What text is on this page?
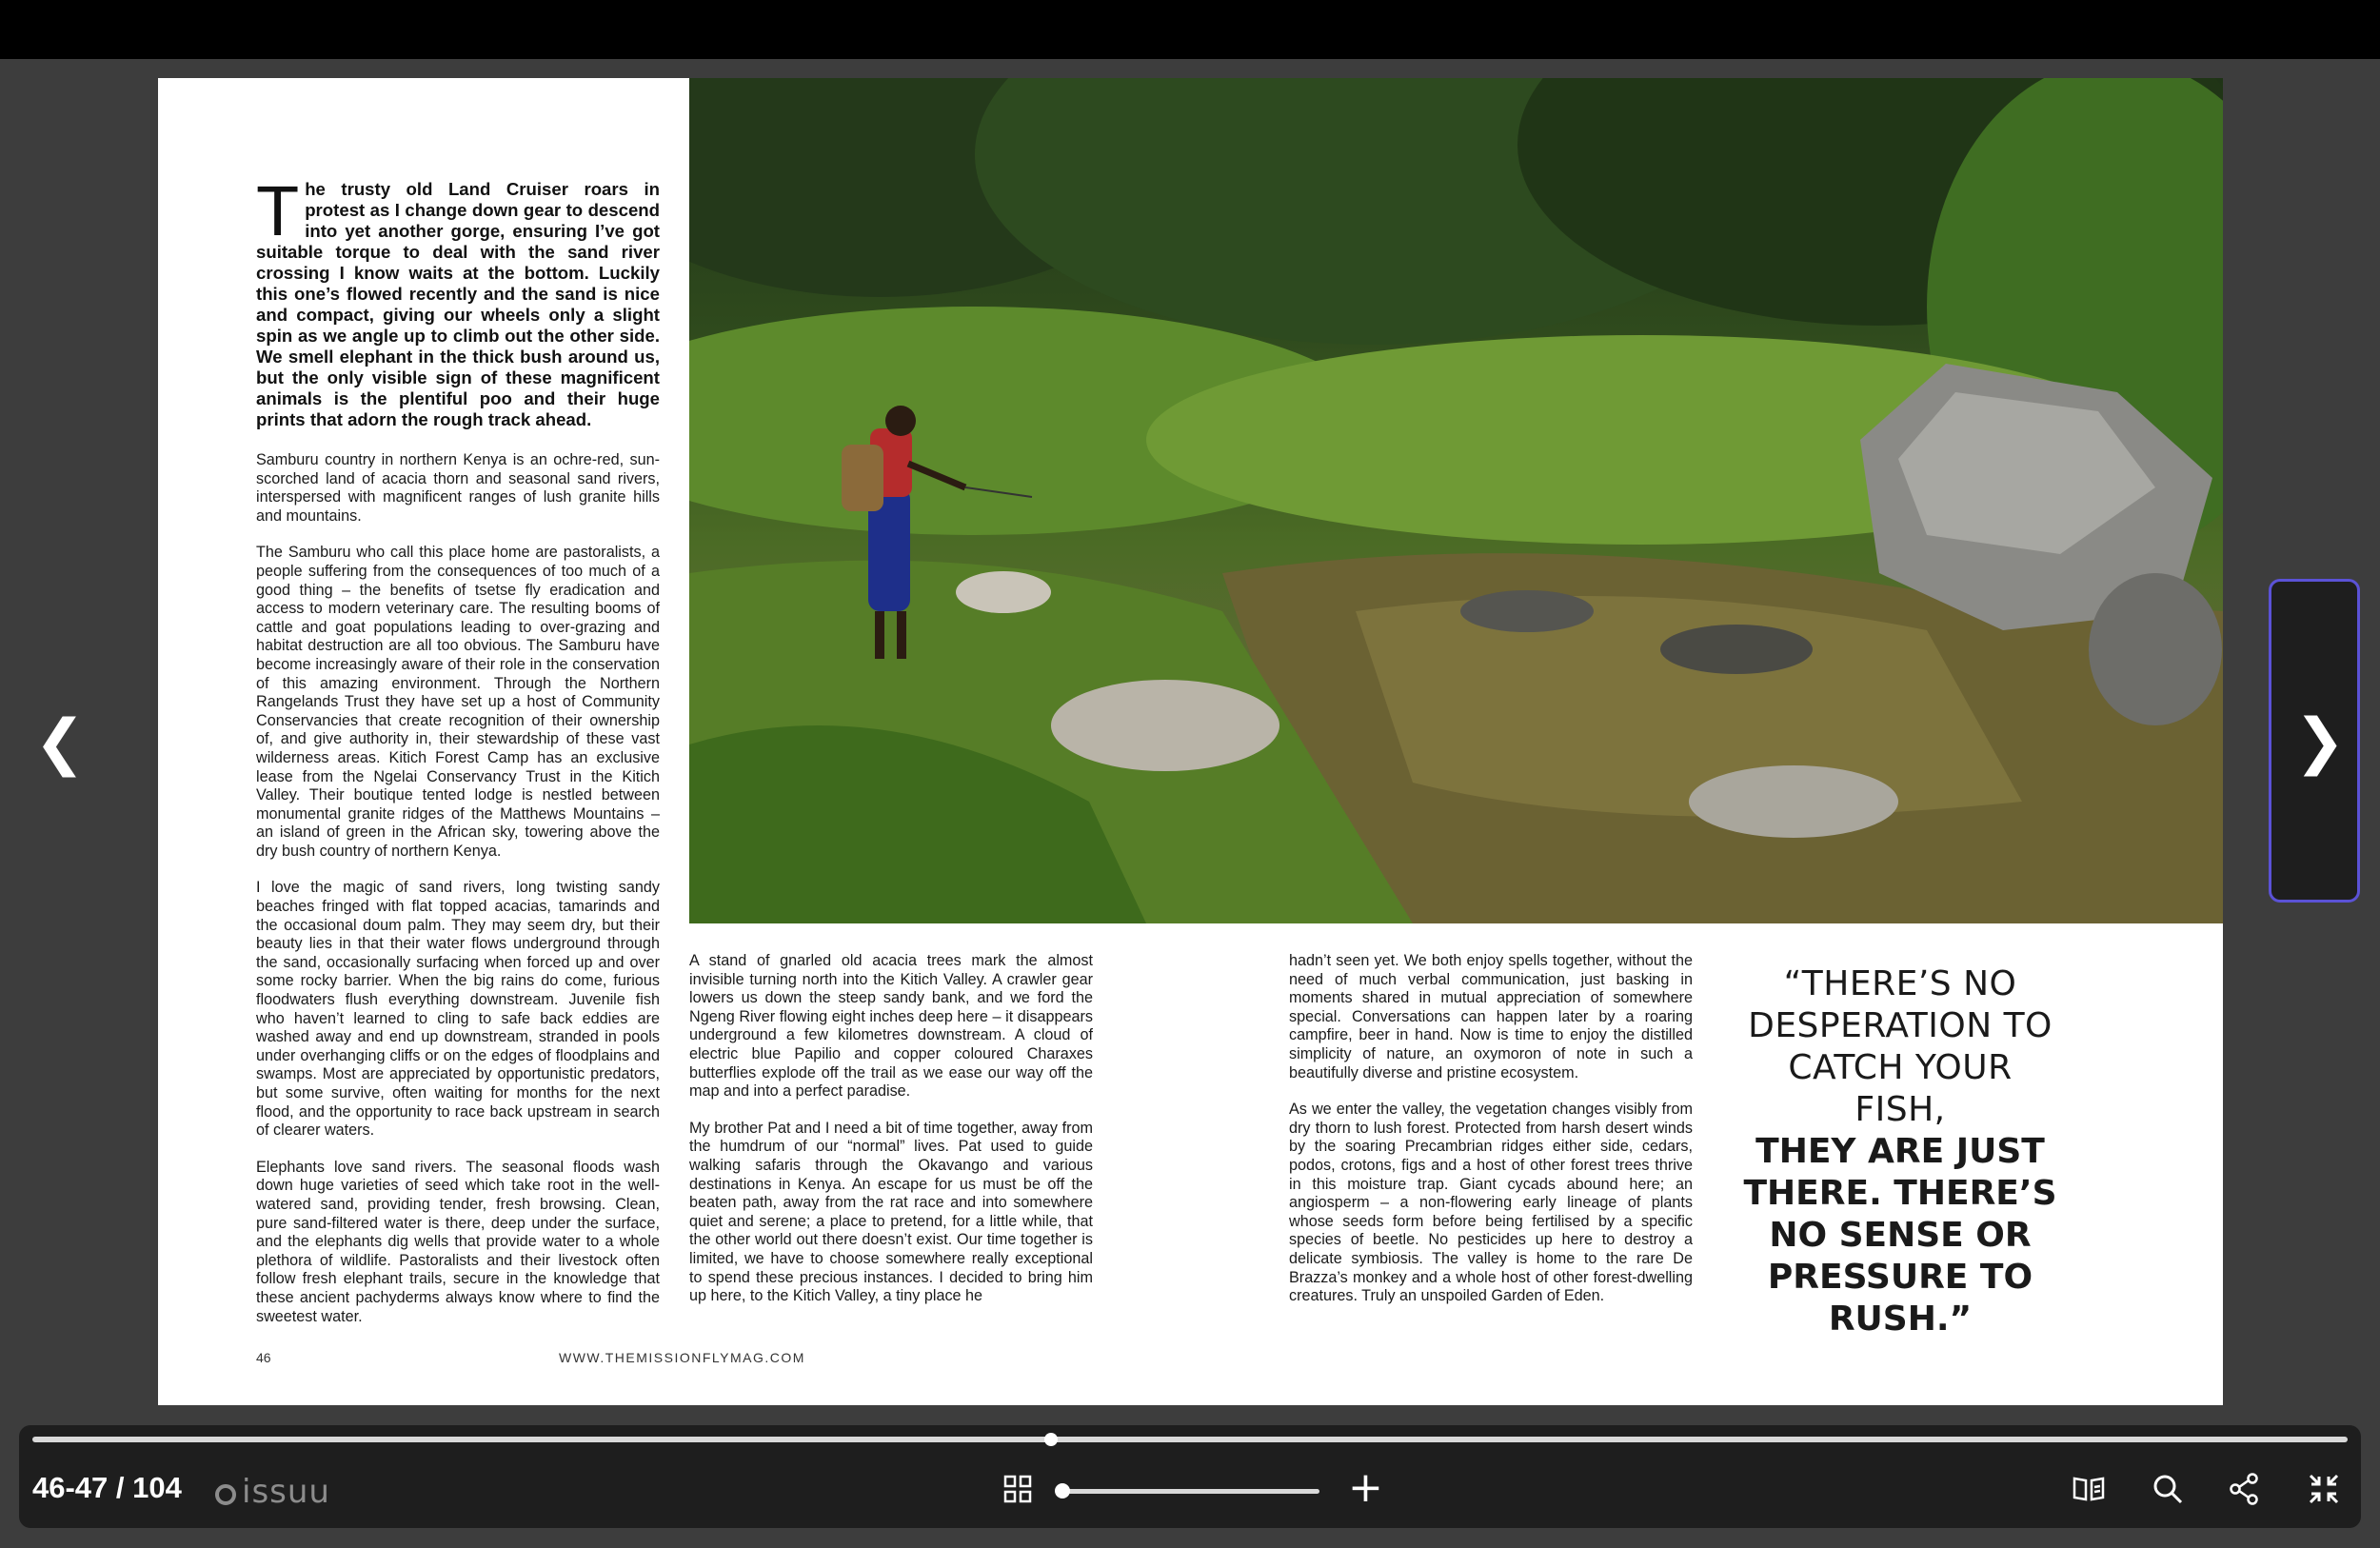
The trusty old Land Cruiser roars in protest as I change down gear to descend into yet another gorge, ensuring I’ve got suitable torque to deal with the sand river crossing I know waits at the bottom. Luckily this one’s flowed recently and the sand is nice and compact, giving our wheels only a slight spin as we angle up to climb out the other side. We smell elephant in the thick bush around us, but the only visible sign of these magnificent animals is the plentiful poo and their huge prints that adorn the rough track ahead.

Samburu country in northern Kenya is an ochre-red, sun-scorched land of acacia thorn and seasonal sand rivers, interspersed with magnificent ranges of lush granite hills and mountains.

The Samburu who call this place home are pastoralists, a people suffering from the consequences of too much of a good thing – the benefits of tsetse fly eradication and access to modern veterinary care. The resulting booms of cattle and goat populations leading to over-grazing and habitat destruction are all too obvious. The Samburu have become increasingly aware of their role in the conservation of this amazing environment. Through the Northern Rangelands Trust they have set up a host of Community Conservancies that create recognition of their ownership of, and give authority in, their stewardship of these vast wilderness areas. Kitich Forest Camp has an exclusive lease from the Ngelai Conservancy Trust in the Kitich Valley. Their boutique tented lodge is nestled between monumental granite ridges of the Matthews Mountains – an island of green in the African sky, towering above the dry bush country of northern Kenya.

I love the magic of sand rivers, long twisting sandy beaches fringed with flat topped acacias, tamarinds and the occasional doum palm. They may seem dry, but their beauty lies in that their water flows underground through the sand, occasionally surfacing when forced up and over some rocky barrier. When the big rains do come, furious floodwaters flush everything downstream. Juvenile fish who haven’t learned to cling to safe back eddies are washed away and end up downstream, stranded in pools under overhanging cliffs or on the edges of floodplains and swamps. Most are appreciated by opportunistic predators, but some survive, often waiting for months for the next flood, and the opportunity to race back upstream in search of clearer waters.

Elephants love sand rivers. The seasonal floods wash down huge varieties of seed which take root in the well-watered sand, providing tender, fresh browsing. Clean, pure sand-filtered water is there, deep under the surface, and the elephants dig wells that provide water to a whole plethora of wildlife. Pastoralists and their livestock often follow fresh elephant trails, secure in the knowledge that these ancient pachyderms always know where to find the sweetest water.

A stand of gnarled old acacia trees mark the almost invisible turning north into the Kitich Valley. A crawler gear lowers us down the steep sandy bank, and we ford the Ngeng River flowing eight inches deep here – it disappears underground a few kilometres downstream. A cloud of electric blue Papilio and copper coloured Charaxes butterflies explode off the trail as we ease our way off the map and into a perfect paradise.

My brother Pat and I need a bit of time together, away from the humdrum of our “normal” lives. Pat used to guide walking safaris through the Okavango and various destinations in Kenya. An escape for us must be off the beaten path, away from the rat race and into somewhere quiet and serene; a place to pretend, for a little while, that the other world out there doesn’t exist. Our time together is limited, we have to choose somewhere really exceptional to spend these precious instances. I decided to bring him up here, to the Kitich Valley, a tiny place he

hadn’t seen yet. We both enjoy spells together, without the need of much verbal communication, just basking in moments shared in mutual appreciation of somewhere special. Conversations can happen later by a roaring campfire, beer in hand. Now is time to enjoy the distilled simplicity of nature, an oxymoron of note in such a beautifully diverse and pristine ecosystem.

As we enter the valley, the vegetation changes visibly from dry thorn to lush forest. Protected from harsh desert winds by the soaring Precambrian ridges either side, cedars, podos, crotons, figs and a host of other forest trees thrive in this moisture trap. Giant cycads abound here; an angiosperm – a non-flowering early lineage of plants whose seeds form before being fertilised by a specific species of beetle. No pesticides up here to destroy a delicate symbiosis. The valley is home to the rare De Brazza’s monkey and a whole host of other forest-dwelling creatures. Truly an unspoiled Garden of Eden.

“THERE’S NO
DESPERATION TO
CATCH YOUR FISH,
THEY ARE JUST
THERE. THERE’S
NO SENSE OR
PRESSURE TO
RUSH.”
46	WWW.THEMISSIONFLYMAG.COM
❮	❯
46-47 / 104	issuu	+
